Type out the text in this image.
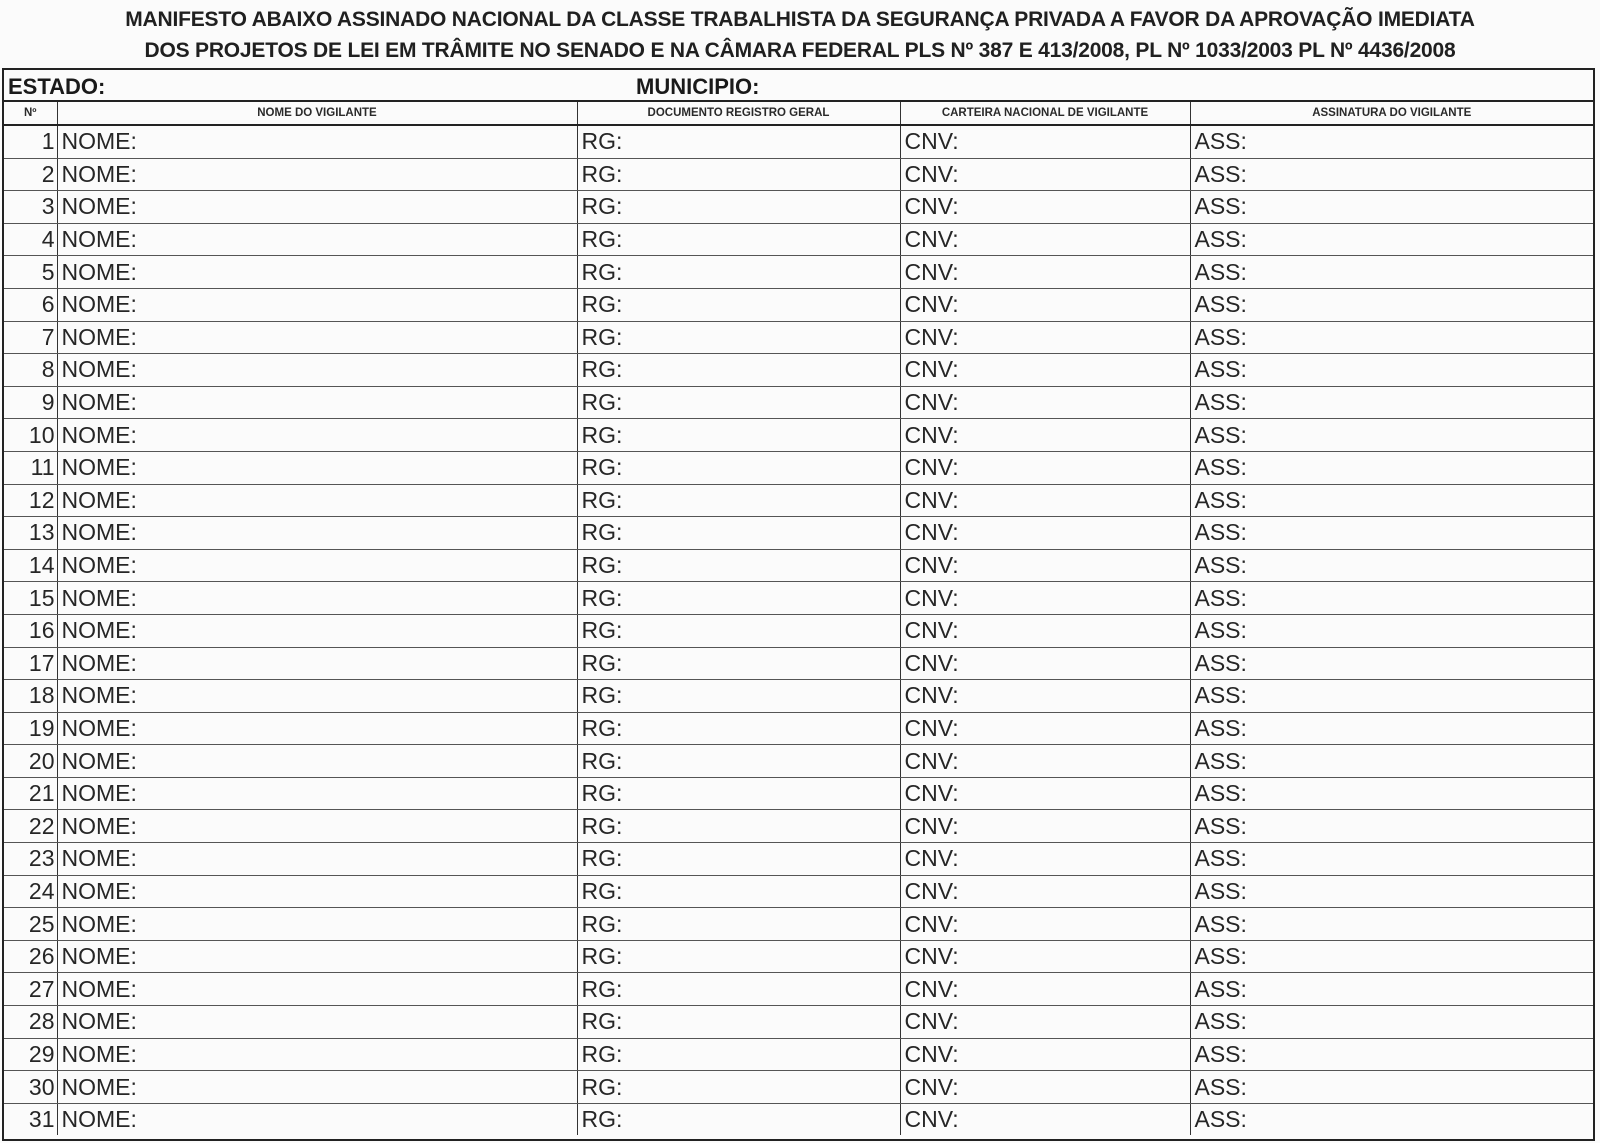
MANIFESTO ABAIXO ASSINADO NACIONAL DA CLASSE TRABALHISTA DA SEGURANÇA PRIVADA A FAVOR DA APROVAÇÃO IMEDIATA
DOS PROJETOS DE LEI EM TRÂMITE NO SENADO E NA CÂMARA FEDERAL PLS Nº 387 E 413/2008, PL Nº 1033/2003 PL Nº 4436/2008
ESTADO:	MUNICIPIO:
Nº	NOME DO VIGILANTE	DOCUMENTO REGISTRO GERAL	CARTEIRA NACIONAL DE VIGILANTE	ASSINATURA DO VIGILANTE
1	NOME:	RG:	CNV:	ASS:
2	NOME:	RG:	CNV:	ASS:
3	NOME:	RG:	CNV:	ASS:
4	NOME:	RG:	CNV:	ASS:
5	NOME:	RG:	CNV:	ASS:
6	NOME:	RG:	CNV:	ASS:
7	NOME:	RG:	CNV:	ASS:
8	NOME:	RG:	CNV:	ASS:
9	NOME:	RG:	CNV:	ASS:
10	NOME:	RG:	CNV:	ASS:
11	NOME:	RG:	CNV:	ASS:
12	NOME:	RG:	CNV:	ASS:
13	NOME:	RG:	CNV:	ASS:
14	NOME:	RG:	CNV:	ASS:
15	NOME:	RG:	CNV:	ASS:
16	NOME:	RG:	CNV:	ASS:
17	NOME:	RG:	CNV:	ASS:
18	NOME:	RG:	CNV:	ASS:
19	NOME:	RG:	CNV:	ASS:
20	NOME:	RG:	CNV:	ASS:
21	NOME:	RG:	CNV:	ASS:
22	NOME:	RG:	CNV:	ASS:
23	NOME:	RG:	CNV:	ASS:
24	NOME:	RG:	CNV:	ASS:
25	NOME:	RG:	CNV:	ASS:
26	NOME:	RG:	CNV:	ASS:
27	NOME:	RG:	CNV:	ASS:
28	NOME:	RG:	CNV:	ASS:
29	NOME:	RG:	CNV:	ASS:
30	NOME:	RG:	CNV:	ASS:
31	NOME:	RG:	CNV:	ASS:
